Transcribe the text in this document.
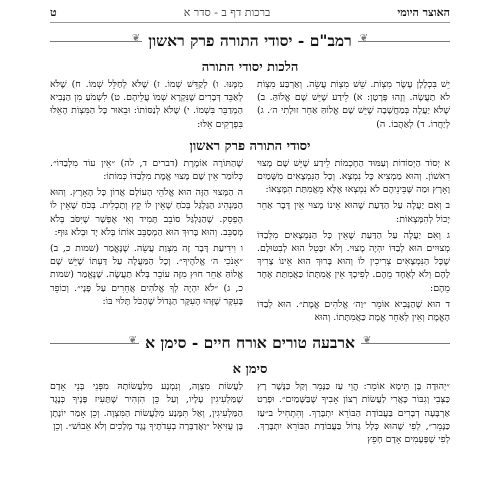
האוצר היומי
ברכות דף ב - סדר א
ט
❦
רמב"ם - יסודי התורה פרק ראשון
❦
הלכות יסודי התורה

יֵשׁ בִּכְלָלָן עֶשֶׂר מִצְוֹת. שֵׁשׁ מִצְוֹת עֲשֵׂה. וְאַרְבַּע מִצְוֹת לֹא תַעֲשֶׂה. וְזֶהוּ פְּרָטָן: א) לֵידַע שֶׁיֵּשׁ שָׁם אֱלוֹהַּ. ב) שֶׁלֹּא יַעֲלֶה בְּמַחֲשָׁבָה שֶׁיֵּשׁ שָׁם אֱלוֹהַּ אַחֵר זוּלָתִי ה׳. ג) לְיַחֲדוֹ. ד) לְאַהֲבוֹ. ה)

מִמֶּנּוּ. ו) לְקַדֵּשׁ שְׁמוֹ. ז) שֶׁלֹּא לְחַלֵּל שְׁמוֹ. ח) שֶׁלֹּא לְאַבֵּד דְּבָרִים שֶׁנִּקְרָא שְׁמוֹ עֲלֵיהֶם. ט) לִשְׁמֹעַ מִן הַנָּבִיא הַמְדַבֵּר בִּשְׁמוֹ. י) שֶׁלֹּא לְנַסּוֹתוֹ: וּבֵאוּר כָּל הַמִּצְוֹת הָאֵלּוּ בִּפְרָקִים אֵלּוּ:

יסודי התורה פרק ראשון

א יְסוֹד הַיְסוֹדוֹת וְעַמּוּד הַחָכְמוֹת לֵידַע שֶׁיֵּשׁ שָׁם מָצוּי רִאשׁוֹן. וְהוּא מַמְצִיא כָּל נִמְצָא. וְכָל הַנִּמְצָאִים מִשָּׁמַיִם וָאָרֶץ וּמַה שֶּׁבֵּינֵיהֶם לֹא נִמְצְאוּ אֶלָּא מֵאֲמִתַּת הִמָּצְאוֹ:

ב וְאִם יַעֲלֶה עַל הַדַּעַת שֶׁהוּא אֵינוֹ מָצוּי אֵין דָּבָר אַחֵר יָכוֹל לְהִמָּצְאוֹת:

ג וְאִם יַעֲלֶה עַל הַדַּעַת שֶׁאֵין כָּל הַנִּמְצָאִים מִלְּבַדּוֹ מְצוּיִים הוּא לְבַדּוֹ יִהְיֶה מָצוּי. וְלֹא יִבָּטֵל הוּא לְבִטּוּלָם. שֶׁכָּל הַנִּמְצָאִים צְרִיכִין לוֹ וְהוּא בָּרוּךְ הוּא אֵינוֹ צָרִיךְ לָהֶם וְלֹא לְאֶחָד מֵהֶם. לְפִיכָךְ אֵין אֲמִתָּתוֹ כַּאֲמִתַּת אֶחָד מֵהֶם:

ד הוּא שֶׁהַנָּבִיא אוֹמֵר ״וַה׳ אֱלֹהִים אֱמֶת״. הוּא לְבַדּוֹ הָאֱמֶת וְאֵין לְאַחֵר אֱמֶת כַּאֲמִתָּתוֹ. וְהוּא

שֶׁהַתּוֹרָה אוֹמֶרֶת (דברים ד, לה) ״אֵין עוֹד מִלְּבַדּוֹ״. כְּלוֹמַר אֵין שָׁם מָצוּי אֱמֶת מִלְּבַדּוֹ כְּמוֹתוֹ:

ה הַמָּצוּי הַזֶּה הוּא אֱלֹהֵי הָעוֹלָם אֲדוֹן כָּל הָאָרֶץ. וְהוּא הַמַּנְהִיג הַגַּלְגַּל בְּכֹחַ שֶׁאֵין לוֹ קֵץ וְתַכְלִית. בְּכֹחַ שֶׁאֵין לוֹ הֶפְסֵק. שֶׁהַגַּלְגַּל סוֹבֵב תָּמִיד וְאִי אֶפְשָׁר שֶׁיִּסֹּב בְּלֹא מְסַבֵּב. וְהוּא בָּרוּךְ הוּא הַמְסַבֵּב אוֹתוֹ בְּלֹא יָד וּבְלֹא גּוּף:

ו וִידִיעַת דָּבָר זֶה מִצְוַת עֲשֵׂה. שֶׁנֶּאֱמַר (שמות כ, ב) ״אָנֹכִי ה׳ אֱלֹהֶיךָ״. וְכָל הַמַּעֲלֶה עַל דַּעְתּוֹ שֶׁיֵּשׁ שָׁם אֱלוֹהַּ אַחֵר חוּץ מִזֶּה עוֹבֵר בְּלֹא תַעֲשֶׂה. שֶׁנֶּאֱמַר (שמות כ, ג) ״לֹא יִהְיֶה לְךָ אֱלֹהִים אֲחֵרִים עַל פָּנָי״. וְכוֹפֵר בָּעִקָּר שֶׁזֶּהוּ הָעִקָּר הַגָּדוֹל שֶׁהַכֹּל תָּלוּי בּוֹ:

❦
ארבעה טורים אורח חיים - סימן א
❦
סימן א

״יְהוּדָה בֶּן תֵּימָא אוֹמֵר: הֱוֵי עַז כַּנָּמֵר וְקַל כַּנֶּשֶׁר רָץ כַּצְּבִי וְגִבּוֹר כָּאֲרִי לַעֲשׂוֹת רְצוֹן אָבִיךָ שֶׁבַּשָּׁמַיִם״. וּפָרַט אַרְבָּעָה דְבָרִים בַּעֲבוֹדַת הַבּוֹרֵא יִתְבָּרַךְ. וְהִתְחִיל ב״עַז כַּנָּמֵר״, לְפִי שֶׁהוּא כְּלָל גָּדוֹל בַּעֲבוֹדַת הַבּוֹרֵא יִתְבָּרַךְ. לְפִי שֶׁפְּעָמִים אָדָם חָפֵץ

לַעֲשׂוֹת מִצְוָה, וְנִמְנָע מִלַּעֲשׂוֹתָהּ מִפְּנֵי בְּנֵי אָדָם שֶׁמַּלְעִיגִין עָלָיו, וְעַל כֵּן הִזְהִיר שֶׁתָּעִיז פָּנֶיךָ כְּנֶגֶד הַמַּלְעִיגִין, וְאַל תִּמָּנַע מִלַּעֲשׂוֹת הַמִּצְוָה. וְכֵן אָמַר יוֹנָתָן בֶּן עֻזִּיאֵל ״וַאֲדַבְּרָה בְעֵדֹתֶיךָ נֶגֶד מְלָכִים וְלֹא אֵבוֹשׁ״. וְכֵן
